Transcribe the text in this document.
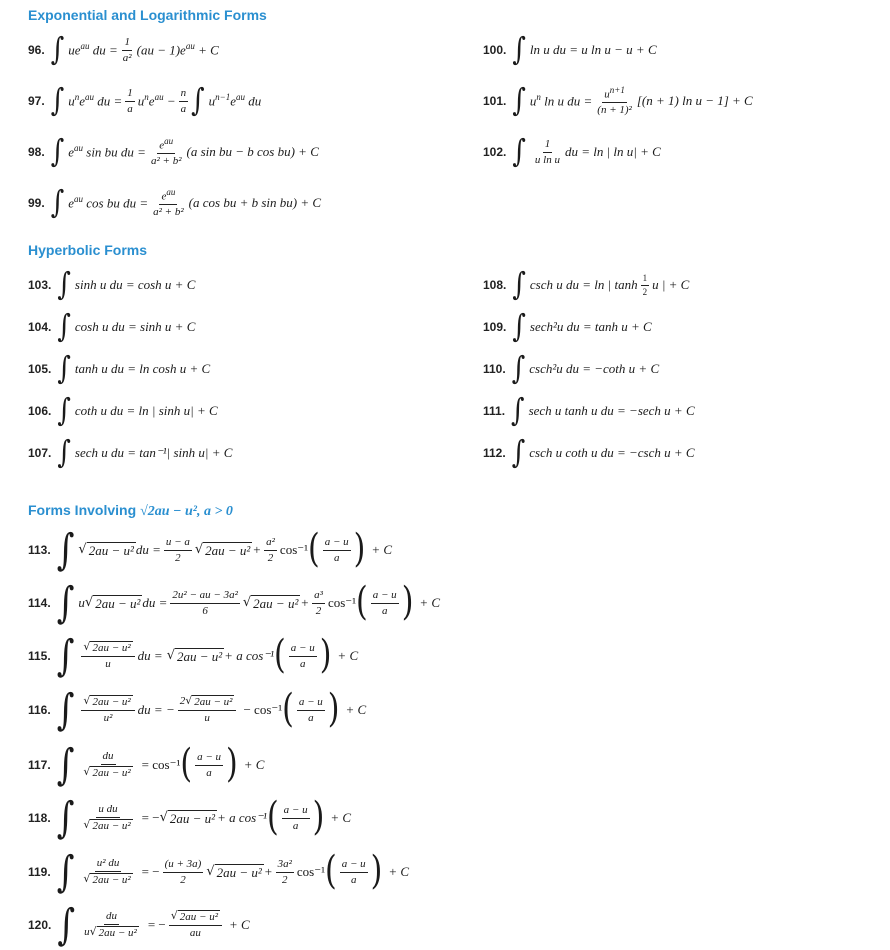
Exponential and Logarithmic Forms
Hyperbolic Forms
Forms Involving √2au − u², a > 0
96. ∫ $ue^{au}$ du = $\frac{1}{\text{a²}} (au - 1)e^{au} + C$
97. ∫ $u^ne^{au}$ du = $\frac{1}{a} u^ne^{au} - \frac{n}{a}$ ∫ $u^{n-1}e^{au}$ du
98. ∫ $e^{au}$ sin bu du = $\frac{e^{au}}{\text{a² + b²}} (a$ sin bu − b cos bu) + C
99. ∫ $e^{au}$ cos bu du = $\frac{e^{au}}{\text{a² + b²}} (a$ cos bu + b sin bu) + C
100. ∫ ln u du = u ln u − u + C
101. ∫ $u^n$ ln u du = $\frac{u^{n+1}}{\text{(n + 1)²}} [(n + 1)$ ln u − 1] + C
102. ∫ $\frac{1}{\text{u ln u}}$ du = ln | ln u| + C
103. ∫ sinh u du = cosh u + C
104. ∫ cosh u du = sinh u + C
105. ∫ tanh u du = ln cosh u + C
106. ∫ coth u du = ln | sinh u| + C
107. ∫ sech u du = tan⁻¹| sinh u| + C
108. ∫ csch u du = ln | $\tanh \frac{1}{2}$ u | + C
109. ∫ sech²u du = tanh u + C
110. ∫ csch²u du = −coth u + C
111. ∫ sech u tanh u du = −sech u + C
112. ∫ csch u coth u du = −csch u + C
113. ∫ √ 2au − u² du = $\frac{u - a}{2}$ √ $2au - u^2 + \frac{\text{a²}}{2} \cos^{-1}$ ( $\frac{a - u}{a}$ ) + C
114. ∫ u √ 2au − u² du = $\frac{\text{2u² − au − 3a²}}{6}$ √ $2au - u^2 + \frac{\text{a³}}{2} \cos^{-1}$ ( $\frac{a - u}{a}$ ) + C
115. ∫ $\frac{\text{√ 2au − u²}}{u}$ du = √ 2au − u² + a cos⁻¹ ( $\frac{a - u}{a}$ ) + C
116. ∫ $\frac{\text{√ 2au − u²}}{\text{u²}}$ du = − $\frac{\text{2 √ 2au − u²}}{u} - \cos^{-1}$ ( $\frac{a - u}{a}$ ) + C
117. ∫ $\frac{du}{\text{√ 2au − u²}} = \cos^{-1}$ ( $\frac{a - u}{a}$ ) + C
118. ∫ $\frac{\text{u du}}{\text{√ 2au − u²}}$ = − √ 2au − u² + a cos⁻¹ ( $\frac{a - u}{a}$ ) + C
119. ∫ $\frac{\text{u² du}}{\text{√ 2au − u²}}$ = − $\frac{(u + 3a)}{2}$ √ $2au - u^2 + \frac{\text{3a²}}{2} \cos^{-1}$ ( $\frac{a - u}{a}$ ) + C
120. ∫ $\frac{du}{\text{u √ 2au − u²}}$ = − $\frac{\text{√ 2au − u²}}{au} + C$
